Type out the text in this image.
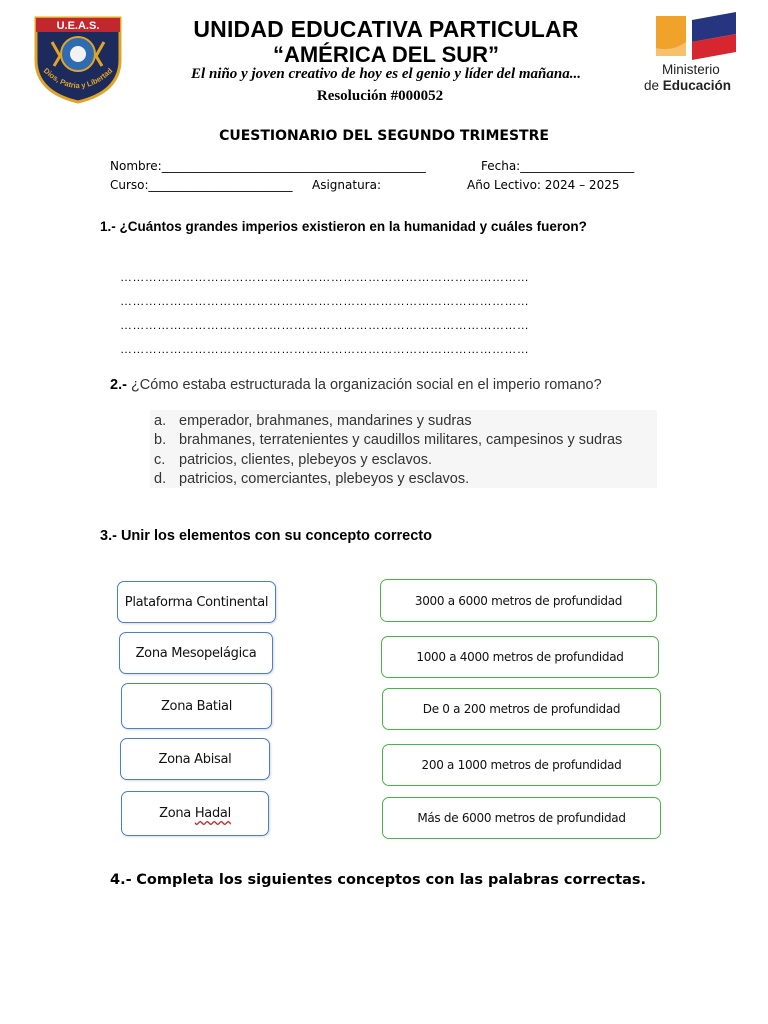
U.E.A.S.
Dios, Patria y Libertad
UNIDAD EDUCATIVA PARTICULAR
“AMÉRICA DEL SUR”
El niño y joven creativo de hoy es el genio y líder del mañana...
Resolución #000052
Ministerio
de Educación
CUESTIONARIO DEL SEGUNDO TRIMESTRE
Nombre:____________________________________________	Fecha:___________________
Curso:________________________ Asignatura:	Año Lectivo: 2024 – 2025
1.- ¿Cuántos grandes imperios existieron en la humanidad y cuáles fueron?
………………………………………………………………………………………
………………………………………………………………………………………
………………………………………………………………………………………
………………………………………………………………………………………
2.- ¿Cómo estaba estructurada la organización social en el imperio romano?
a. emperador, brahmanes, mandarines y sudras
b. brahmanes, terratenientes y caudillos militares, campesinos y sudras
c. patricios, clientes, plebeyos y esclavos.
d. patricios, comerciantes, plebeyos y esclavos.
3.- Unir los elementos con su concepto correcto
Plataforma Continental
Zona Mesopelágica
Zona Batial
Zona Abisal
Zona
Hadal
3000 a 6000 metros de profundidad
1000 a 4000 metros de profundidad
De 0 a 200 metros de profundidad
200 a 1000 metros de profundidad
Más de 6000 metros de profundidad
4.- Completa los siguientes conceptos con las palabras correctas.
